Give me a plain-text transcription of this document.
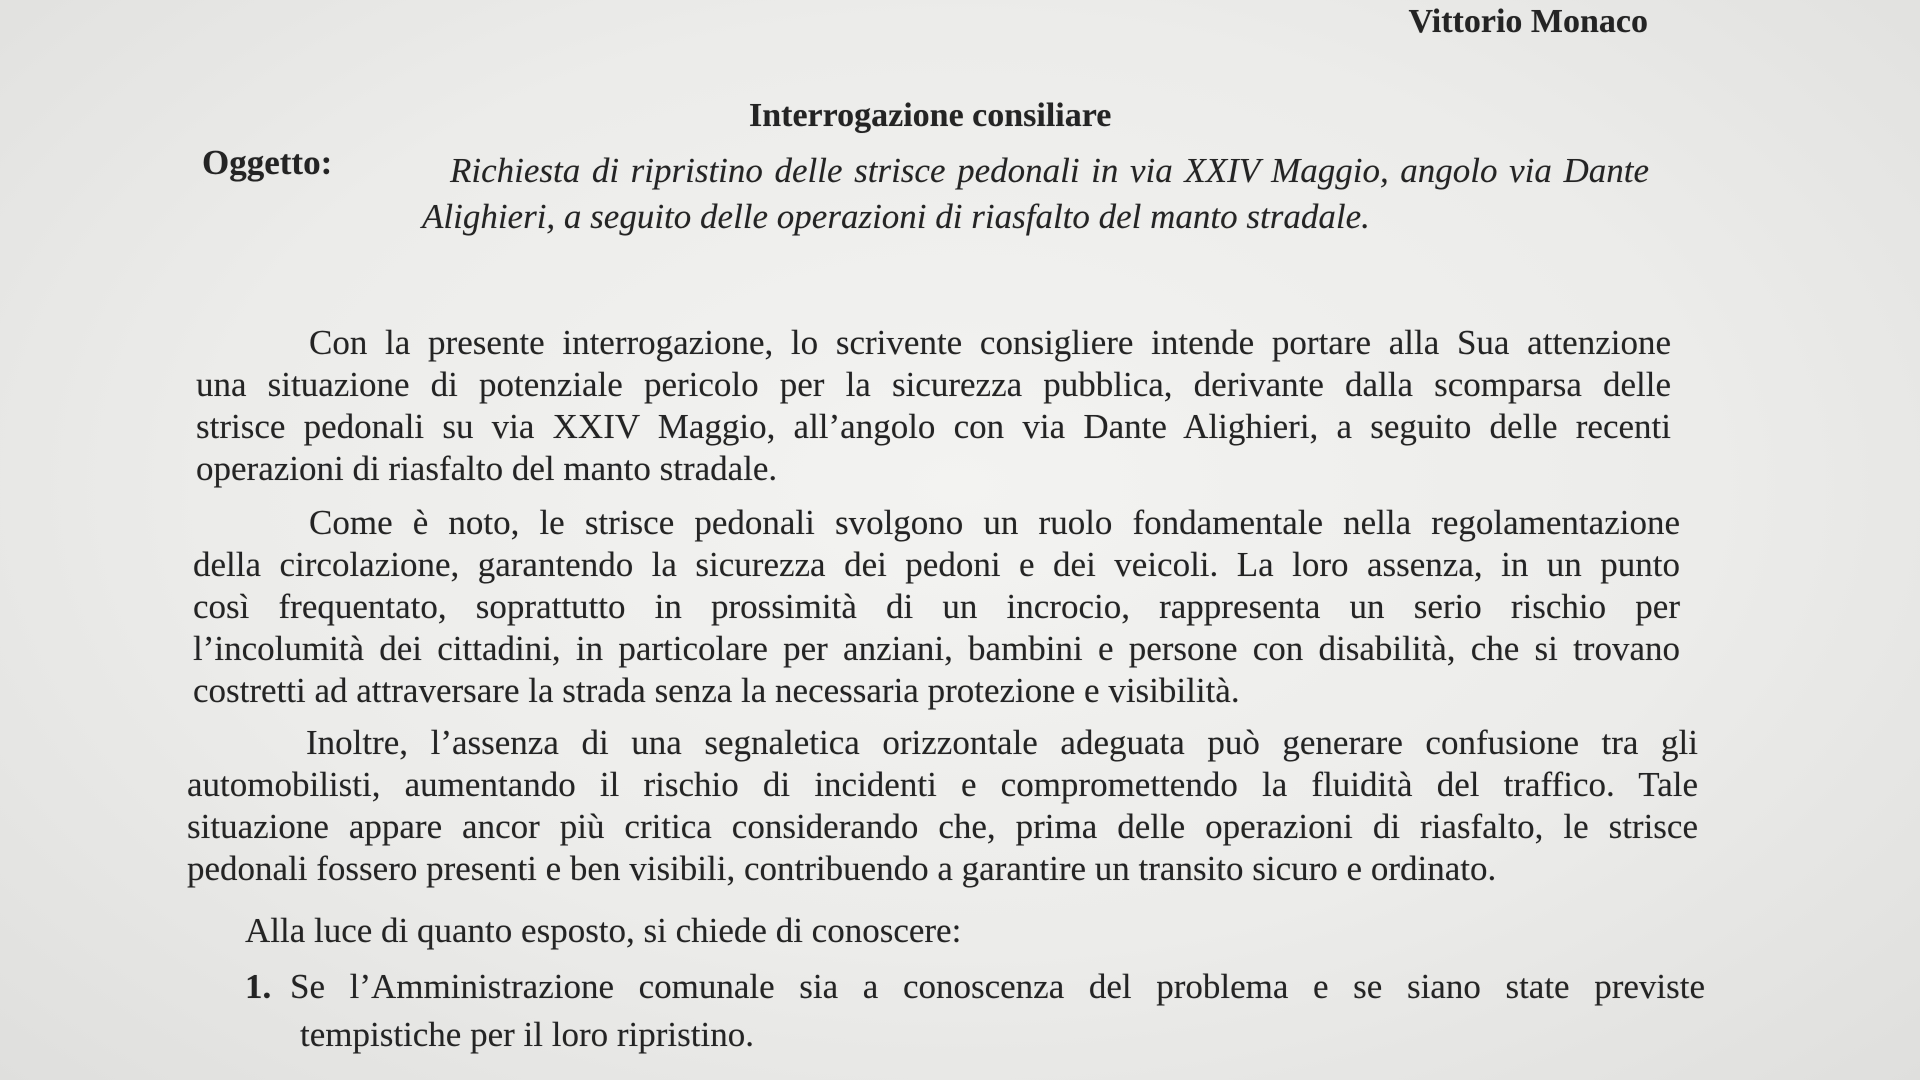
Vittorio Monaco
Interrogazione consiliare
Oggetto:	Richiesta di ripristino delle strisce pedonali in via XXIV Maggio, angolo via Dante
Alighieri, a seguito delle operazioni di riasfalto del manto stradale.
Con la presente interrogazione, lo scrivente consigliere intende portare alla Sua attenzione
una situazione di potenziale pericolo per la sicurezza pubblica, derivante dalla scomparsa delle
strisce pedonali su via XXIV Maggio, all’angolo con via Dante Alighieri, a seguito delle recenti
operazioni di riasfalto del manto stradale.
Come è noto, le strisce pedonali svolgono un ruolo fondamentale nella regolamentazione
della circolazione, garantendo la sicurezza dei pedoni e dei veicoli. La loro assenza, in un punto
così frequentato, soprattutto in prossimità di un incrocio, rappresenta un serio rischio per
l’incolumità dei cittadini, in particolare per anziani, bambini e persone con disabilità, che si trovano
costretti ad attraversare la strada senza la necessaria protezione e visibilità.
Inoltre, l’assenza di una segnaletica orizzontale adeguata può generare confusione tra gli
automobilisti, aumentando il rischio di incidenti e compromettendo la fluidità del traffico. Tale
situazione appare ancor più critica considerando che, prima delle operazioni di riasfalto, le strisce
pedonali fossero presenti e ben visibili, contribuendo a garantire un transito sicuro e ordinato.
Alla luce di quanto esposto, si chiede di conoscere:
1. Se l’Amministrazione comunale sia a conoscenza del problema e se siano state previste
tempistiche per il loro ripristino.
